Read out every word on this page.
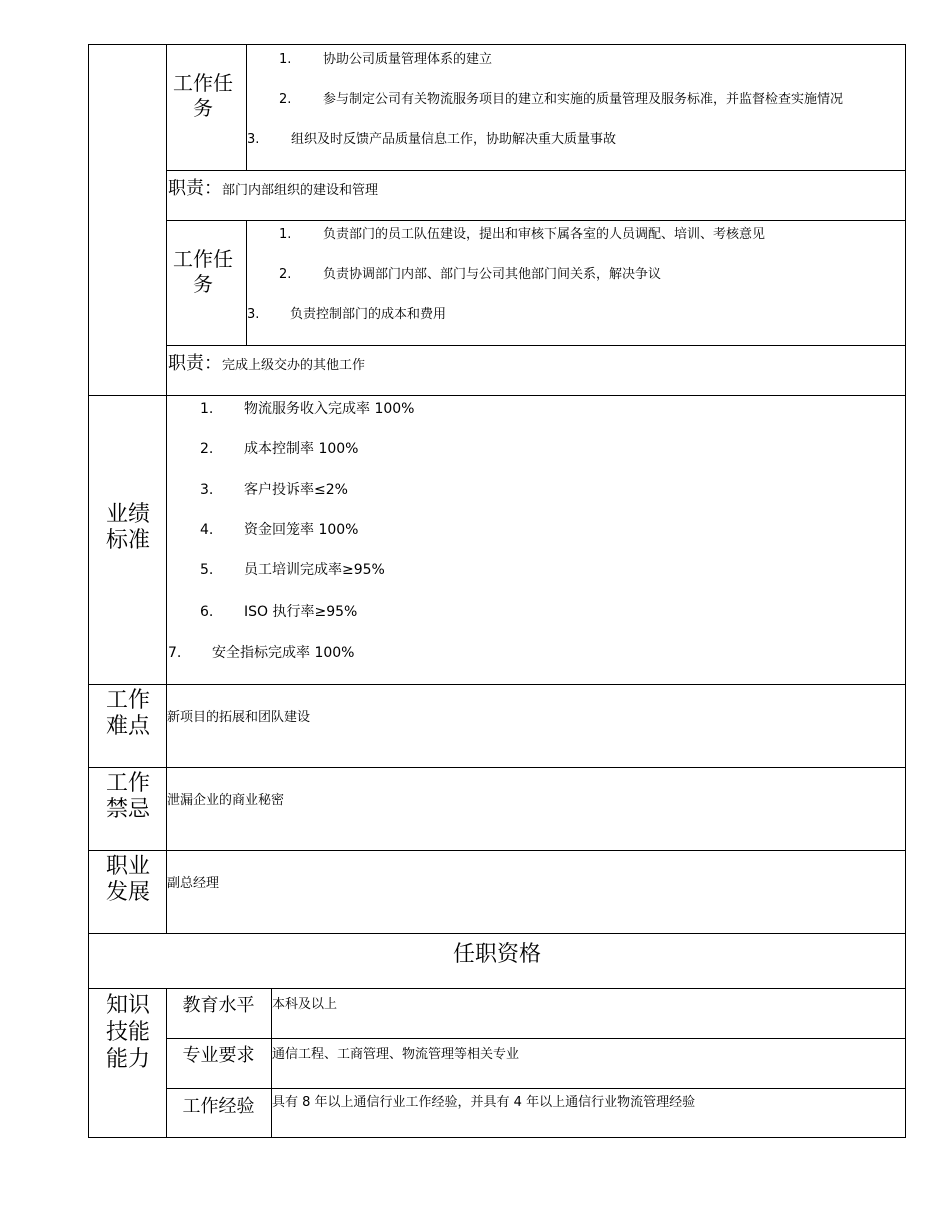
工作任务
1. 协助公司质量管理体系的建立
2. 参与制定公司有关物流服务项目的建立和实施的质量管理及服务标准，并监督检查实施情况
3. 组织及时反馈产品质量信息工作，协助解决重大质量事故
职责：部门内部组织的建设和管理
工作任务
1. 负责部门的员工队伍建设，提出和审核下属各室的人员调配、培训、考核意见
2. 负责协调部门内部、部门与公司其他部门间关系，解决争议
3. 负责控制部门的成本和费用
职责：完成上级交办的其他工作
业绩标准
1. 物流服务收入完成率 100%
2. 成本控制率 100%
3. 客户投诉率≤2%
4. 资金回笼率 100%
5. 员工培训完成率≥95%
6. ISO 执行率≥95%
7. 安全指标完成率 100%
工作难点	新项目的拓展和团队建设
工作禁忌	泄漏企业的商业秘密
职业发展	副总经理
任职资格
知识技能能力
教育水平	本科及以上
专业要求	通信工程、工商管理、物流管理等相关专业
工作经验	具有 8 年以上通信行业工作经验，并具有 4 年以上通信行业物流管理经验
